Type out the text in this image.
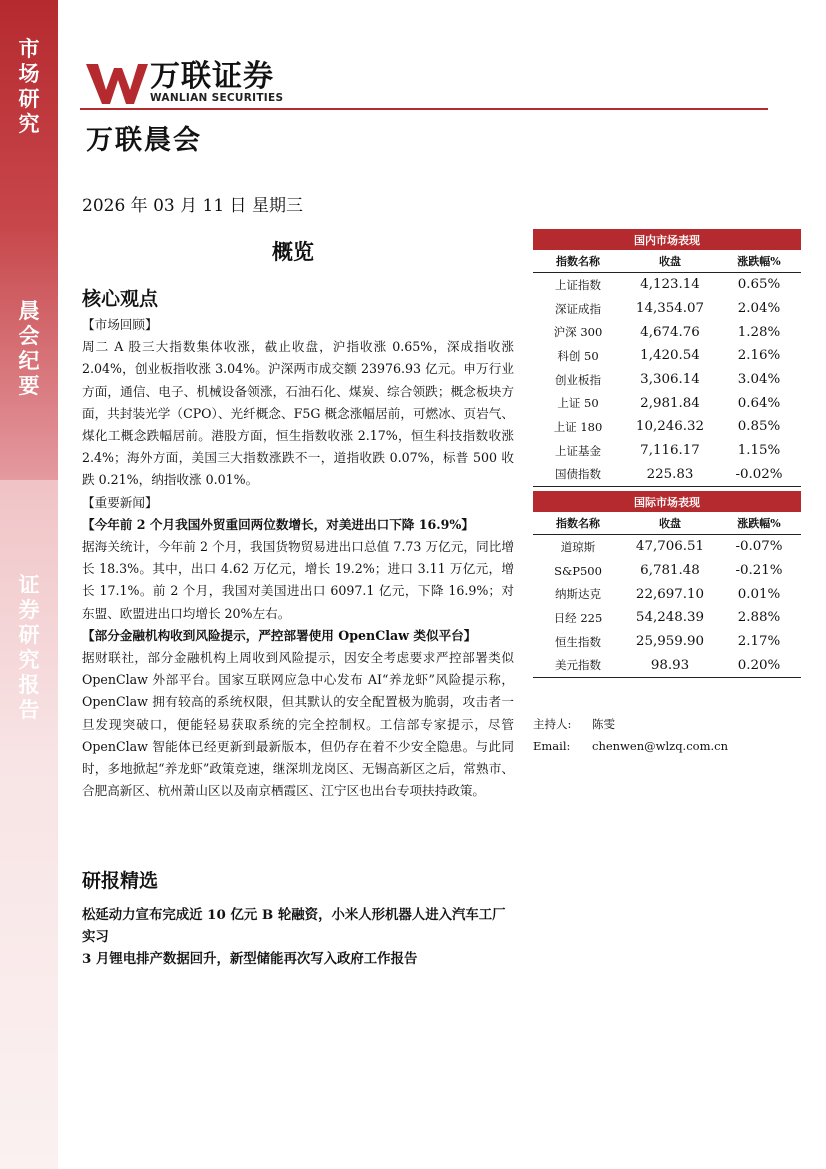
市
场
研
究
晨
会
纪
要
证
券
研
究
报
告
万联证券
WANLIAN SECURITIES
万联晨会
2026 年 03 月 11 日 星期三
概览
核心观点

【市场回顾】

周二 A 股三大指数集体收涨，截止收盘，沪指收涨 0.65%，深成指收涨 2.04%，创业板指收涨 3.04%。沪深两市成交额 23976.93 亿元。申万行业方面，通信、电子、机械设备领涨，石油石化、煤炭、综合领跌；概念板块方面，共封装光学（CPO）、光纤概念、F5G 概念涨幅居前，可燃冰、页岩气、煤化工概念跌幅居前。港股方面，恒生指数收涨 2.17%，恒生科技指数收涨 2.4%；海外方面，美国三大指数涨跌不一，道指收跌 0.07%，标普 500 收跌 0.21%，纳指收涨 0.01%。

【重要新闻】

【今年前 2 个月我国外贸重回两位数增长，对美进出口下降 16.9%】

据海关统计，今年前 2 个月，我国货物贸易进出口总值 7.73 万亿元，同比增长 18.3%。其中，出口 4.62 万亿元，增长 19.2%；进口 3.11 万亿元，增长 17.1%。前 2 个月，我国对美国进出口 6097.1 亿元，下降 16.9%；对东盟、欧盟进出口均增长 20%左右。

【部分金融机构收到风险提示，严控部署使用 OpenClaw 类似平台】

据财联社，部分金融机构上周收到风险提示，因安全考虑要求严控部署类似 OpenClaw 外部平台。国家互联网应急中心发布 AI“养龙虾”风险提示称，OpenClaw 拥有较高的系统权限，但其默认的安全配置极为脆弱，攻击者一旦发现突破口，便能轻易获取系统的完全控制权。工信部专家提示，尽管 OpenClaw 智能体已经更新到最新版本，但仍存在着不少安全隐患。与此同时，多地掀起“养龙虾”政策竞速，继深圳龙岗区、无锡高新区之后，常熟市、合肥高新区、杭州萧山区以及南京栖霞区、江宁区也出台专项扶持政策。

研报精选

松延动力宣布完成近 10 亿元 B 轮融资，小米人形机器人进入汽车工厂实习

3 月锂电排产数据回升，新型储能再次写入政府工作报告

国内市场表现		
指数名称	收盘	涨跌幅%
上证指数	4,123.14	0.65%
深证成指	14,354.07	2.04%
沪深 300	4,674.76	1.28%
科创 50	1,420.54	2.16%
创业板指	3,306.14	3.04%
上证 50	2,981.84	0.64%
上证 180	10,246.32	0.85%
上证基金	7,116.17	1.15%
国债指数	225.83	-0.02%
国际市场表现		
指数名称	收盘	涨跌幅%
道琼斯	47,706.51	-0.07%
S&P500	6,781.48	-0.21%
纳斯达克	22,697.10	0.01%
日经 225	54,248.39	2.88%
恒生指数	25,959.90	2.17%
美元指数	98.93	0.20%
主持人: 陈雯
Email: chenwen@wlzq.com.cn
